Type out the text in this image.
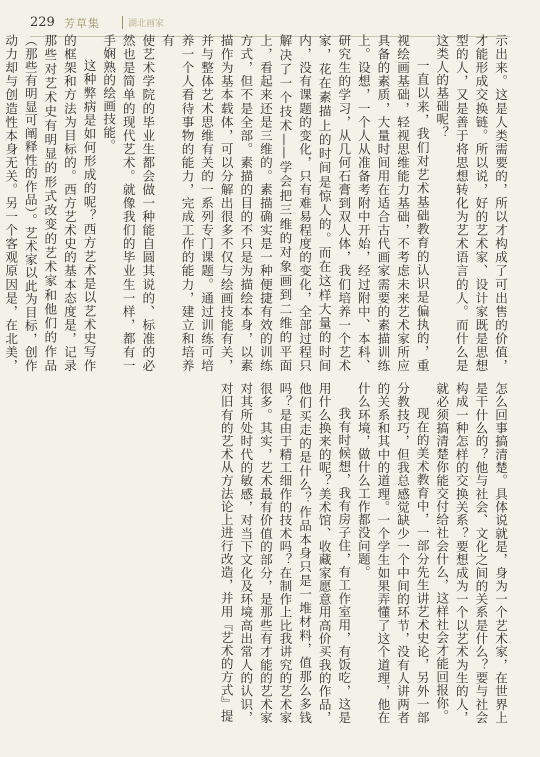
229 芳草集	湖北画家

示出来。这是人类需要的，所以才构成了可出售的价值，才能形成交换链。所以说，好的艺术家、设计家既是思想型的人，又是善于将思想转化为艺术语言的人。而什么是这类人的基础呢？

一直以来，我们对艺术基础教育的认识是偏执的，重视绘画基础，轻视思维能力基础，不考虑未来艺术家所应具备的素质，大量时间用在适合古代画家需要的素描训练上。设想，一个人从准备考附中开始，经过附中、本科、研究生的学习，从几何石膏到双人体，我们培养一个艺术家，花在素描上的时间是惊人的。而在这样大量的时间内，没有课题的变化，只有难易程度的变化，全部过程只解决了一个技术——学会把三维的对象画到二维的平面上，看起来还是三维的。素描确实是一种便捷有效的训练方式，但不是全部。素描的目的不只是为描绘本身，以素描作为基本载体，可以分解出很多不仅与绘画技能有关，并与整体艺术思维有关的一系列专门课题。通过训练可培养一个人看待事物的能力，完成工作的能力，建立和培养有

使艺术学院的毕业生都会做一种能自圆其说的、标准的必然也是简单的现代艺术。就像我们的毕业生一样，都有一手娴熟的绘画技能。

这种弊病是如何形成的呢？西方艺术是以艺术史写作的框架和方法为目标的。西方艺术史的基本态度是，记录那些对艺术史有明显的形式改变的艺术家和他们的作品（那些有明显可阐释性的作品）。艺术家以此为目标，创作动力却与创造性本身无关。另一个客观原因是，在北美，

怎么回事搞清楚。具体说就是，身为一个艺术家，在世界上是干什么的？他与社会、文化之间的关系是什么？要与社会构成一种怎样的交换关系？要想成为一个以艺术为生的人，就必须搞清楚你能交付给社会什么，这样社会才能回报你。

现在的美术教育中，一部分先生讲艺术史论，另外一部分教技巧，但我总感觉缺少一个中间的环节，没有人讲两者的关系和其中的道理。一个学生如果弄懂了这个道理，他在什么环境，做什么工作都没问题。

我有时候想，我有房子住，有工作室用，有饭吃，这是用什么换来的呢？美术馆、收藏家愿意用高价买我的作品，他们买走的是什么？作品本身只是一堆材料，值那么多钱吗？是由于精工细作的技术吗？在制作上比我讲究的艺术家很多。其实，艺术最有价值的部分，是那些有才能的艺术家对其所处时代的敏感，对当下文化及环境高出常人的认识，对旧有的艺术从方法论上进行改造，并用『艺术的方式』提
